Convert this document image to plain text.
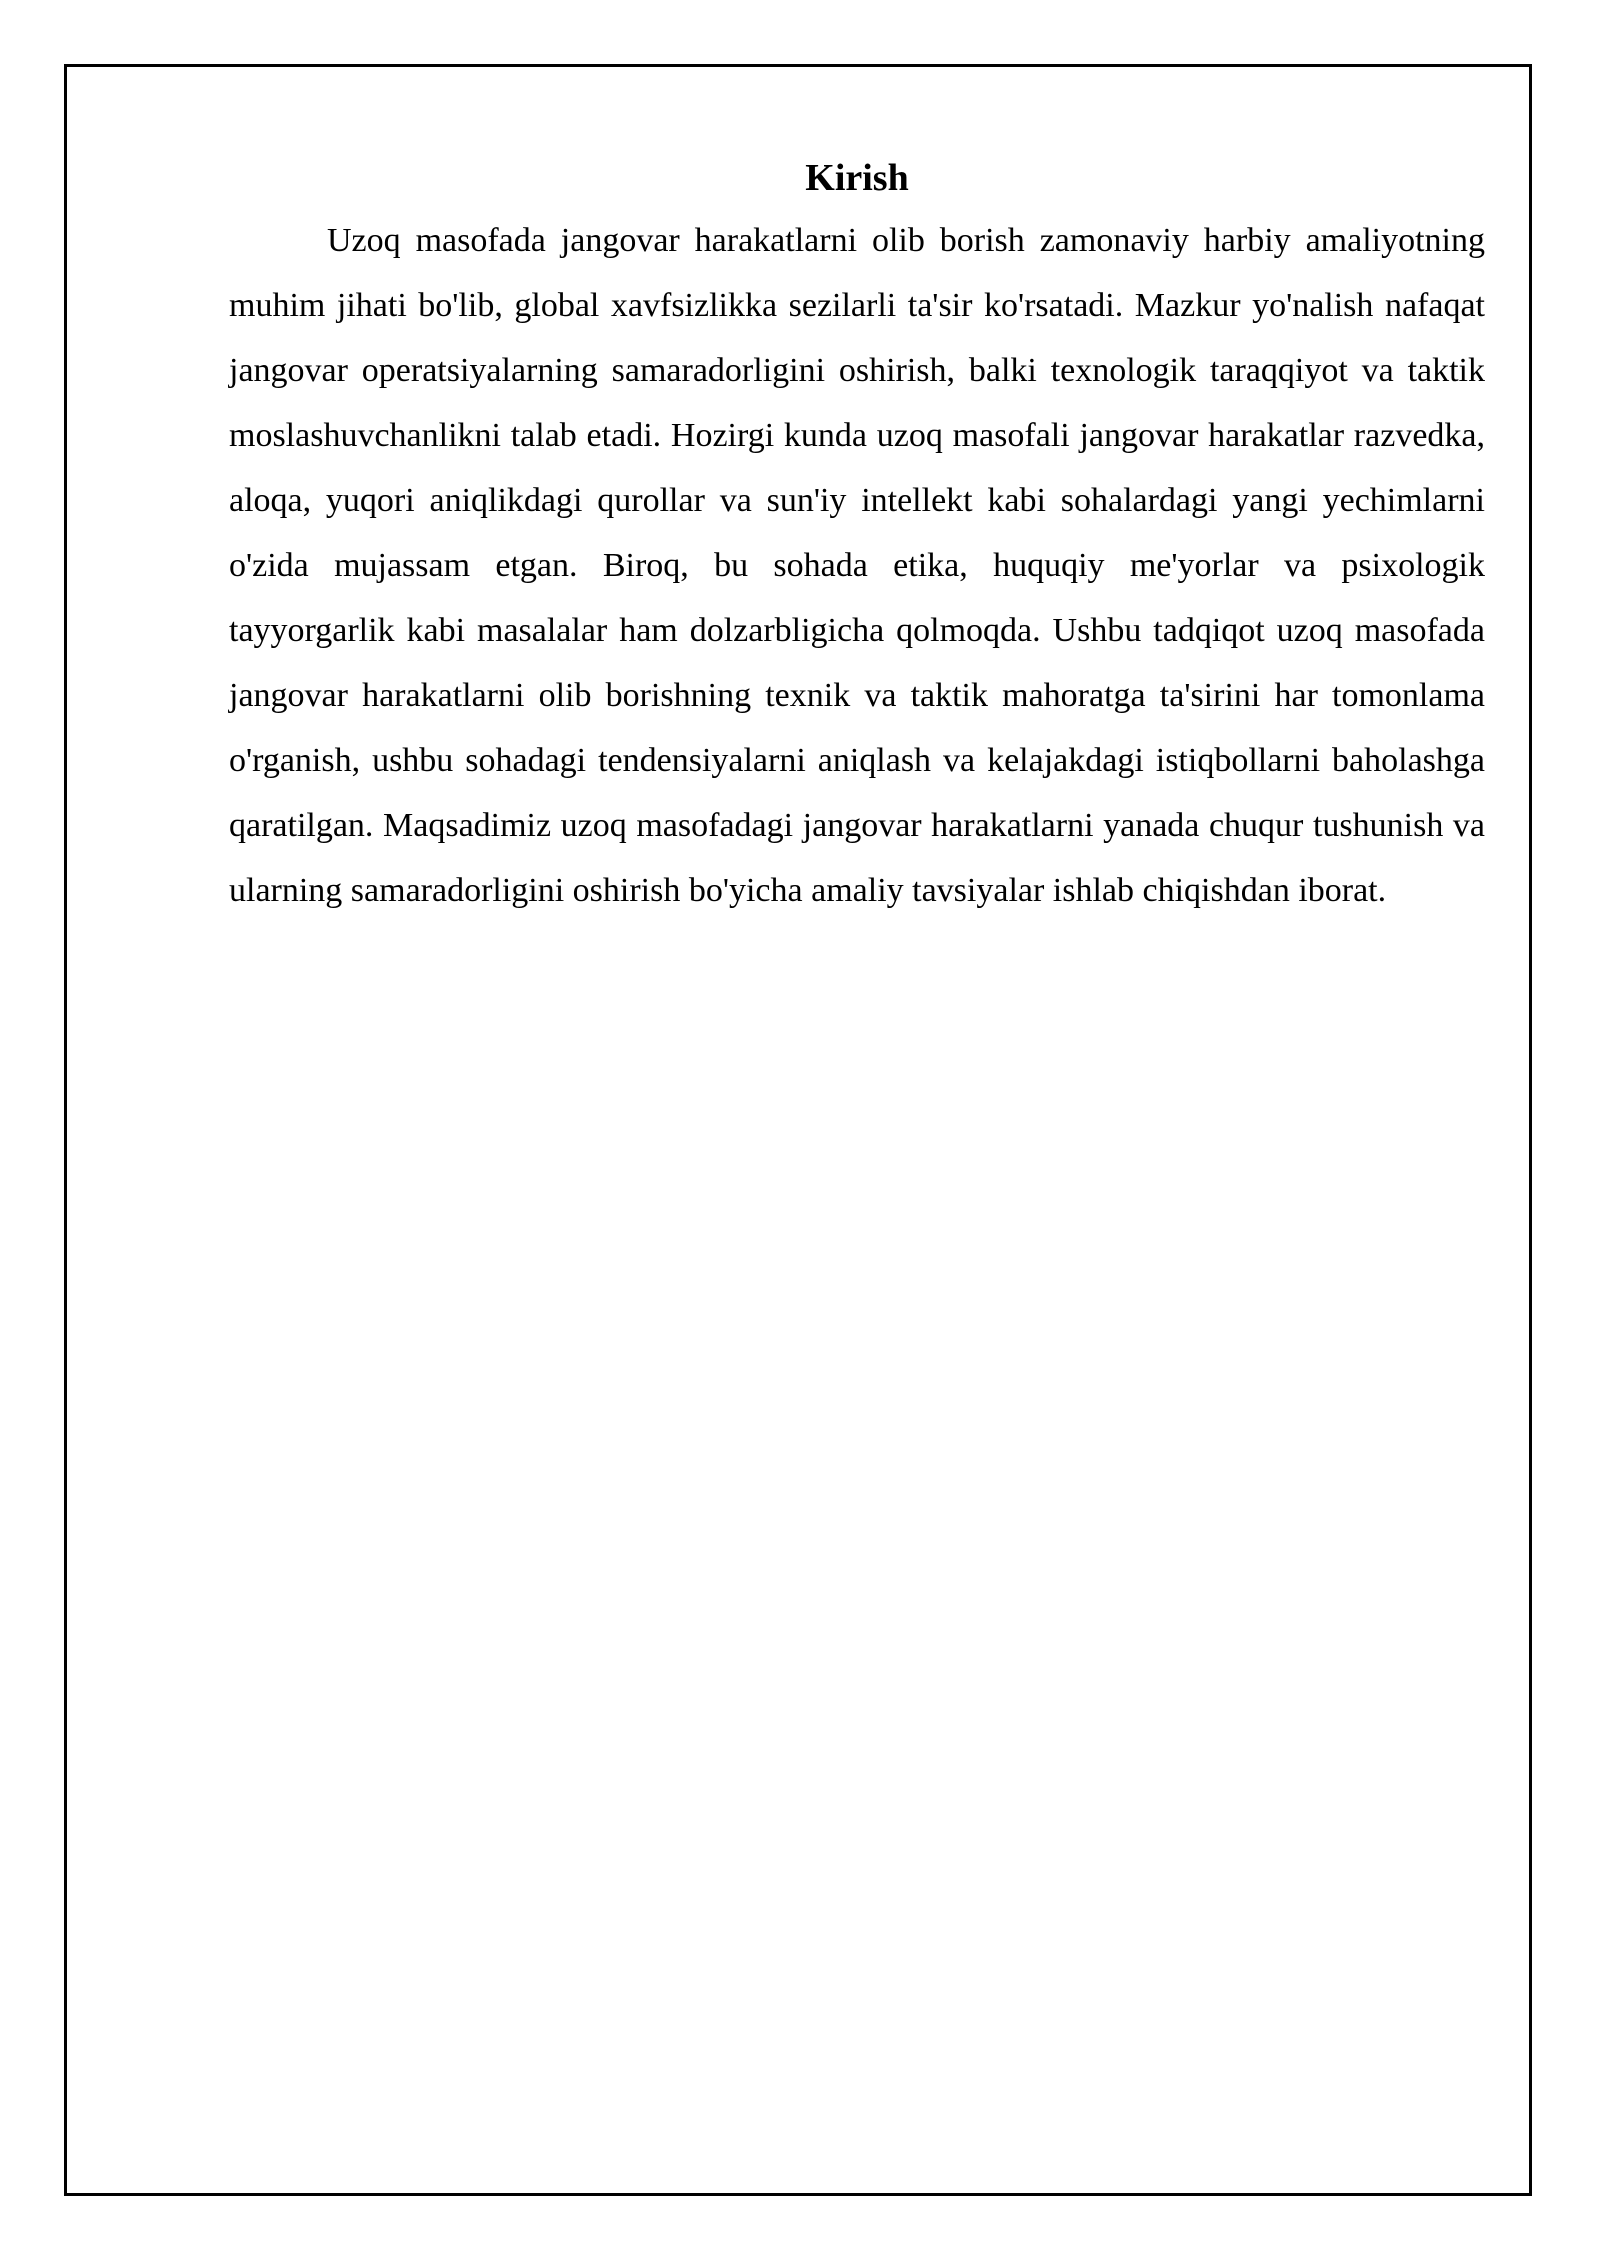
Kirish

Uzoq masofada jangovar harakatlarni olib borish zamonaviy harbiy amaliyotning muhim jihati bo'lib, global xavfsizlikka sezilarli ta'sir ko'rsatadi. Mazkur yo'nalish nafaqat jangovar operatsiyalarning samaradorligini oshirish, balki texnologik taraqqiyot va taktik moslashuvchanlikni talab etadi. Hozirgi kunda uzoq masofali jangovar harakatlar razvedka, aloqa, yuqori aniqlikdagi qurollar va sun'iy intellekt kabi sohalardagi yangi yechimlarni o'zida mujassam etgan. Biroq, bu sohada etika, huquqiy me'yorlar va psixologik tayyorgarlik kabi masalalar ham dolzarbligicha qolmoqda. Ushbu tadqiqot uzoq masofada jangovar harakatlarni olib borishning texnik va taktik mahoratga ta'sirini har tomonlama o'rganish, ushbu sohadagi tendensiyalarni aniqlash va kelajakdagi istiqbollarni baholashga qaratilgan. Maqsadimiz uzoq masofadagi jangovar harakatlarni yanada chuqur tushunish va ularning samaradorligini oshirish bo'yicha amaliy tavsiyalar ishlab chiqishdan iborat.
